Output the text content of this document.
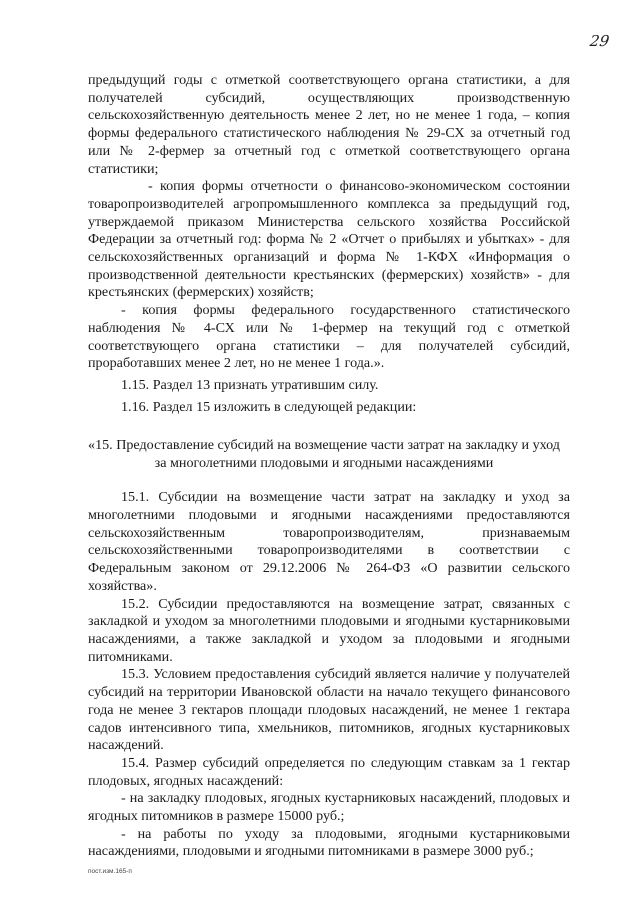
29

предыдущий годы с отметкой соответствующего органа статистики, а для получателей субсидий, осуществляющих производственную сельскохозяйственную деятельность менее 2 лет, но не менее 1 года, – копия формы федерального статистического наблюдения № 29-СХ за отчетный год или № 2-фермер за отчетный год с отметкой соответствующего органа статистики;

- копия формы отчетности о финансово-экономическом состоянии товаропроизводителей агропромышленного комплекса за предыдущий год, утверждаемой приказом Министерства сельского хозяйства Российской Федерации за отчетный год: форма № 2 «Отчет о прибылях и убытках» - для сельскохозяйственных организаций и форма № 1-КФХ «Информация о производственной деятельности крестьянских (фермерских) хозяйств» - для крестьянских (фермерских) хозяйств;

- копия формы федерального государственного статистического наблюдения № 4-СХ или № 1-фермер на текущий год с отметкой соответствующего органа статистики – для получателей субсидий, проработавших менее 2 лет, но не менее 1 года.».

1.15. Раздел 13 признать утратившим силу.

1.16. Раздел 15 изложить в следующей редакции:

«15. Предоставление субсидий на возмещение части затрат на закладку и уход за многолетними плодовыми и ягодными насаждениями

15.1. Субсидии на возмещение части затрат на закладку и уход за многолетними плодовыми и ягодными насаждениями предоставляются сельскохозяйственным товаропроизводителям, признаваемым сельскохозяйственными товаропроизводителями в соответствии с Федеральным законом от 29.12.2006 № 264-ФЗ «О развитии сельского хозяйства».

15.2. Субсидии предоставляются на возмещение затрат, связанных с закладкой и уходом за многолетними плодовыми и ягодными кустарниковыми насаждениями, а также закладкой и уходом за плодовыми и ягодными питомниками.

15.3. Условием предоставления субсидий является наличие у получателей субсидий на территории Ивановской области на начало текущего финансового года не менее 3 гектаров площади плодовых насаждений, не менее 1 гектара садов интенсивного типа, хмельников, питомников, ягодных кустарниковых насаждений.

15.4. Размер субсидий определяется по следующим ставкам за 1 гектар плодовых, ягодных насаждений:

- на закладку плодовых, ягодных кустарниковых насаждений, плодовых и ягодных питомников в размере 15000 руб.;

- на работы по уходу за плодовыми, ягодными кустарниковыми насаждениями, плодовыми и ягодными питомниками в размере 3000 руб.;

пост.изм.165-п
